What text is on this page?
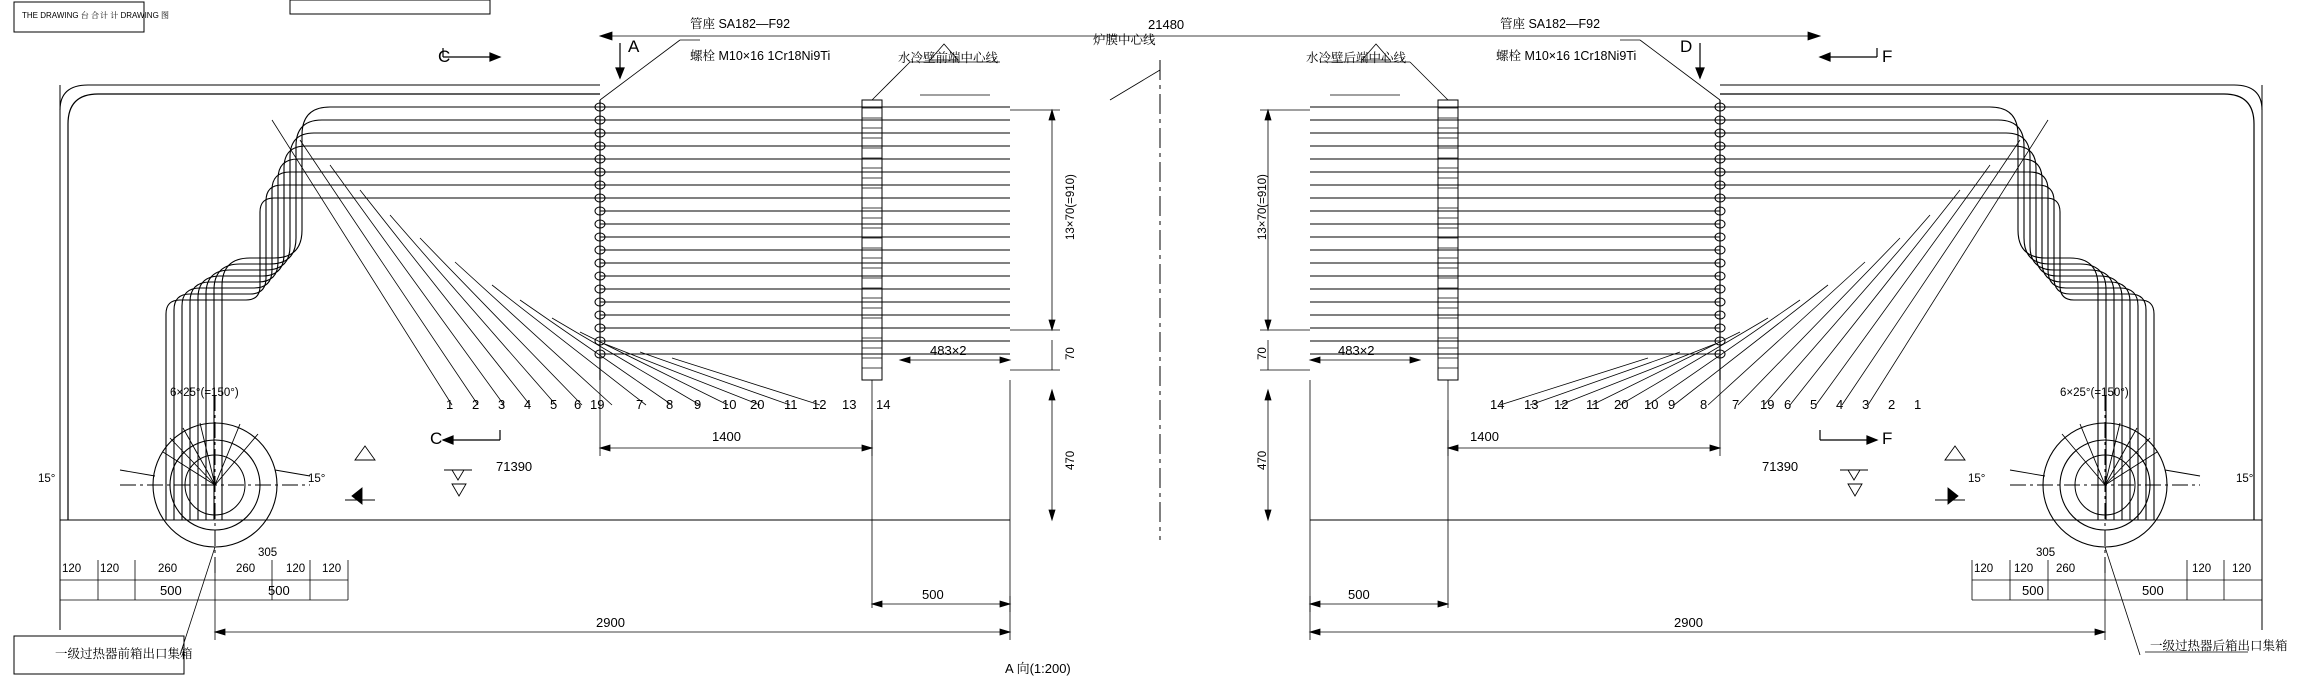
THE DRAWING 台 合 计 计 DRAWING 图
21480
炉膜中心线
C
C
A
管座 SA182—F92
螺栓 M10×16 1Cr18Ni9Ti	水冷壁前端中心线
13×70(=910)
70
470
483×2
1400
500
2900
500	500
120 120	260	260	120 120
6×25°(=150°)
15°	15°
305
71390
1 2 3 4 5 6 19 7 8 9 10 20 11 12 13 14
一级过热器前箱出口集箱
F
F
D
管座 SA182—F92
螺栓 M10×16 1Cr18Ni9Ti
水冷壁后端中心线
13×70(=910)
70
470
483×2
1400
500
2900
500	500
120 120 260	120 120
6×25°(=150°)
15°	15°
305
71390
14 13 12 11 20 10 9 8 7 19 6 5 4 3 2 1
一级过热器后箱出口集箱
A 向(1:200)
